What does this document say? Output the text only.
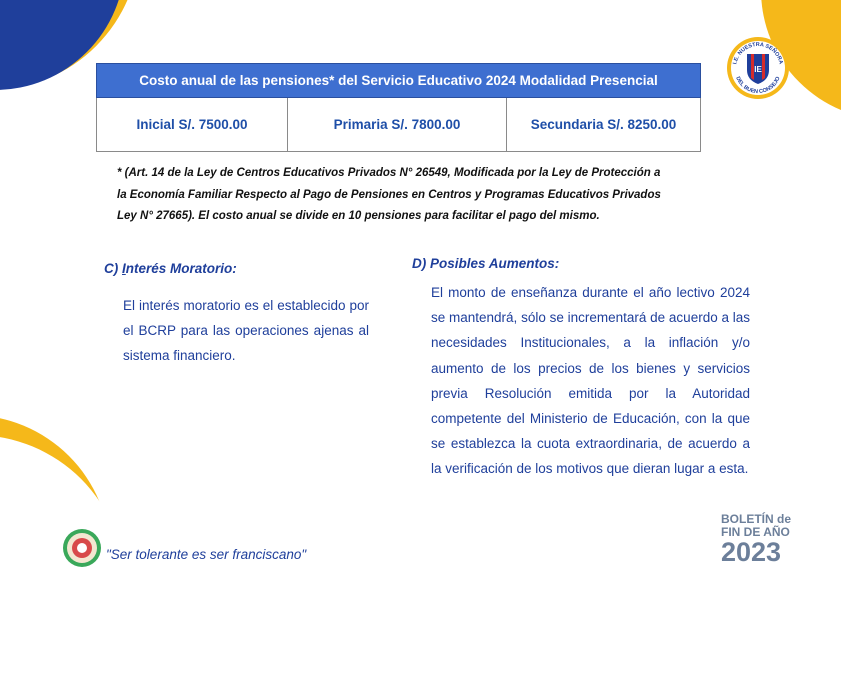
I.E. NUESTRA SEÑORA
DEL BUEN CONSEJO
IE
Costo anual de las pensiones* del Servicio Educativo 2024 Modalidad Presencial
Inicial S/. 7500.00	Primaria S/. 7800.00	Secundaria S/. 8250.00
* (Art. 14 de la Ley de Centros Educativos Privados N° 26549, Modificada por la Ley de Protección a
la Economía Familiar Respecto al Pago de Pensiones en Centros y Programas Educativos Privados
Ley N° 27665). El costo anual se divide en 10 pensiones para facilitar el pago del mismo.
C) Interés Moratorio:
El interés moratorio es el establecido por el BCRP para las operaciones ajenas al sistema financiero.
D) Posibles Aumentos:
El monto de enseñanza durante el año lectivo 2024 se mantendrá, sólo se incrementará de acuerdo a las necesidades Institucionales, a la inflación y/o aumento de los precios de los bienes y servicios previa Resolución emitida por la Autoridad competente del Ministerio de Educación, con la que se establezca la cuota extraordinaria, de acuerdo a la verificación de los motivos que dieran lugar a esta.
"Ser tolerante es ser franciscano"
BOLETÍN de
FIN DE AÑO
2023
